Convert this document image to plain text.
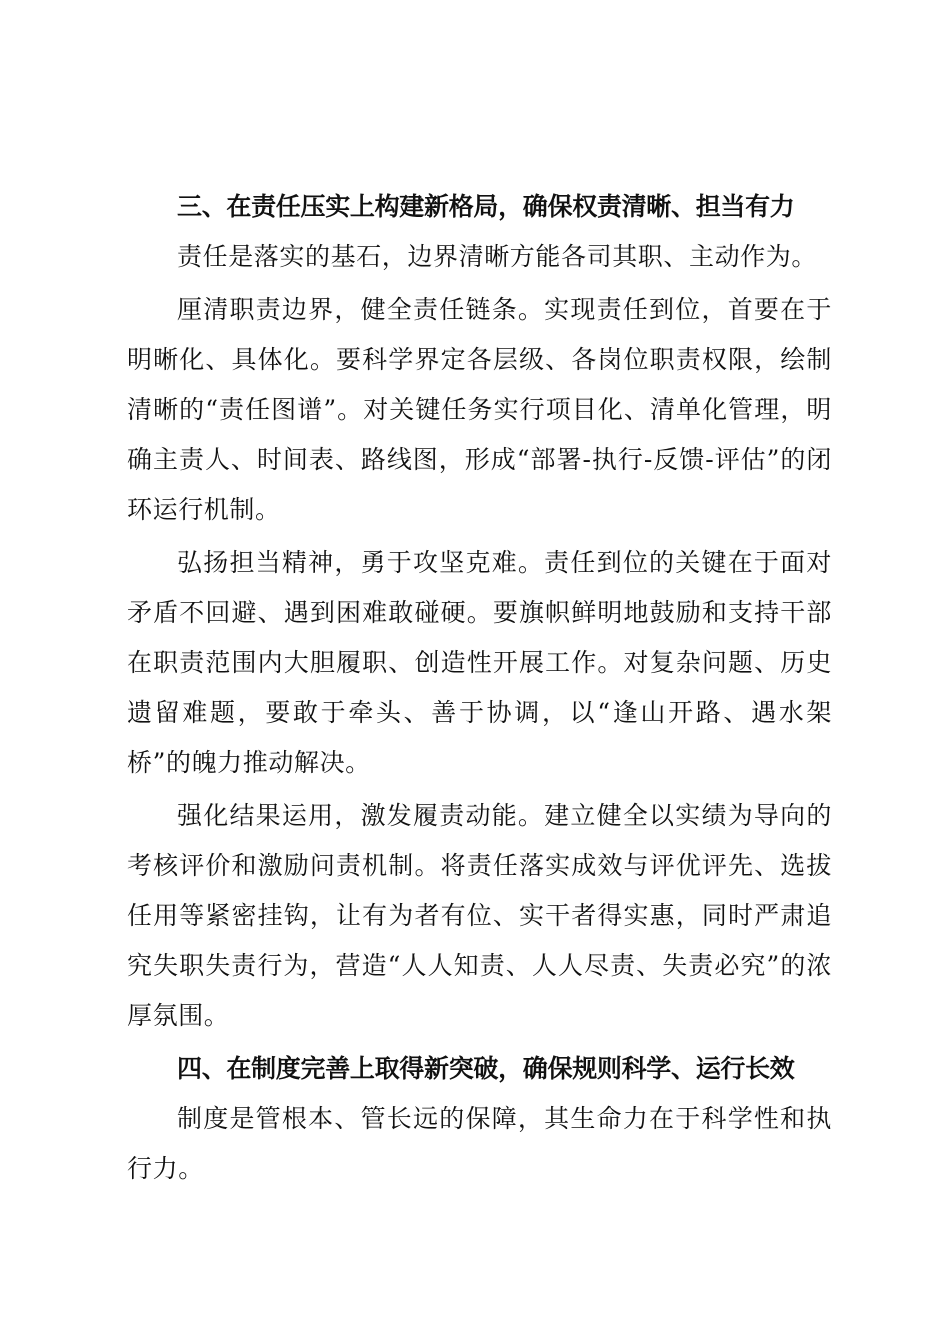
三、在责任压实上构建新格局，确保权责清晰、担当有力

责任是落实的基石，边界清晰方能各司其职、主动作为。

厘清职责边界，健全责任链条。实现责任到位，首要在于明晰化、具体化。要科学界定各层级、各岗位职责权限，绘制清晰的“责任图谱”。对关键任务实行项目化、清单化管理，明确主责人、时间表、路线图，形成“部署-执行-反馈-评估”的闭环运行机制。

弘扬担当精神，勇于攻坚克难。责任到位的关键在于面对矛盾不回避、遇到困难敢碰硬。要旗帜鲜明地鼓励和支持干部在职责范围内大胆履职、创造性开展工作。对复杂问题、历史遗留难题，要敢于牵头、善于协调，以“逢山开路、遇水架桥”的魄力推动解决。

强化结果运用，激发履责动能。建立健全以实绩为导向的考核评价和激励问责机制。将责任落实成效与评优评先、选拔任用等紧密挂钩，让有为者有位、实干者得实惠，同时严肃追究失职失责行为，营造“人人知责、人人尽责、失责必究”的浓厚氛围。

四、在制度完善上取得新突破，确保规则科学、运行长效

制度是管根本、管长远的保障，其生命力在于科学性和执行力。
